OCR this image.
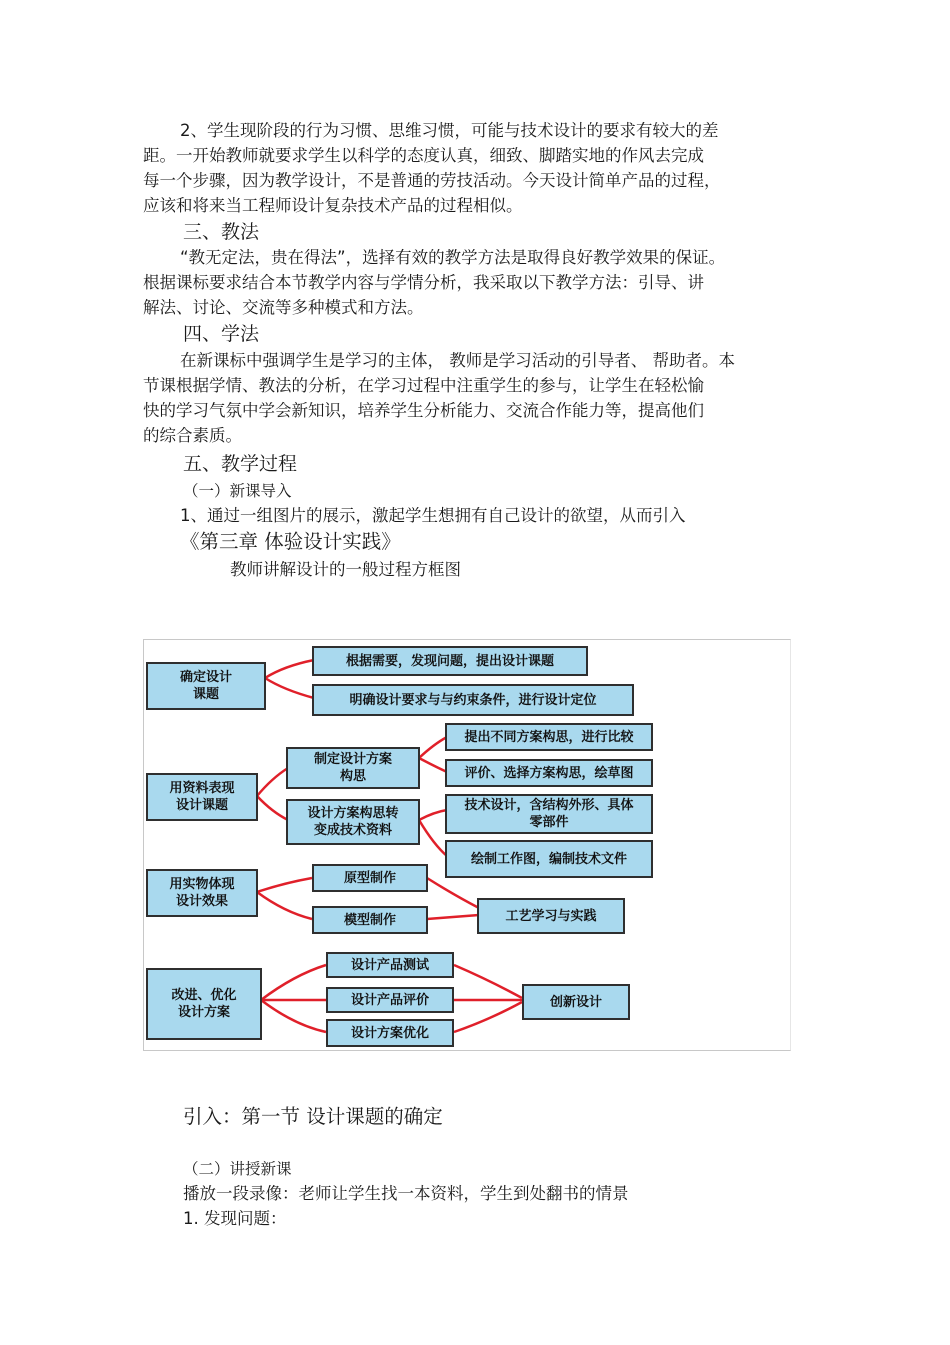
2、学生现阶段的行为习惯、思维习惯，可能与技术设计的要求有较大的差
距。一开始教师就要求学生以科学的态度认真，细致、脚踏实地的作风去完成
每一个步骤，因为教学设计，不是普通的劳技活动。今天设计简单产品的过程，
应该和将来当工程师设计复杂技术产品的过程相似。
三、教法
“教无定法，贵在得法”，选择有效的教学方法是取得良好教学效果的保证。
根据课标要求结合本节教学内容与学情分析，我采取以下教学方法：引导、讲
解法、讨论、交流等多种模式和方法。
四、学法
在新课标中强调学生是学习的主体， 教师是学习活动的引导者、 帮助者。本
节课根据学情、教法的分析，在学习过程中注重学生的参与，让学生在轻松愉
快的学习气氛中学会新知识，培养学生分析能力、交流合作能力等，提高他们
的综合素质。
五、教学过程
（一）新课导入
1、通过一组图片的展示，激起学生想拥有自己设计的欲望，从而引入
《第三章 体验设计实践》
教师讲解设计的一般过程方框图
确定设计
课题
根据需要，发现问题，提出设计课题
明确设计要求与与约束条件，进行设计定位
用资料表现
设计课题
制定设计方案
构思
设计方案构思转
变成技术资料
提出不同方案构思，进行比较
评价、选择方案构思，绘草图
技术设计，含结构外形、具体
零部件
绘制工作图，编制技术文件
用实物体现
设计效果
原型制作
模型制作	工艺学习与实践
改进、优化
设计方案
设计产品测试
设计产品评价
设计方案优化
创新设计
引入：第一节 设计课题的确定
（二）讲授新课
播放一段录像：老师让学生找一本资料，学生到处翻书的情景
1. 发现问题：
